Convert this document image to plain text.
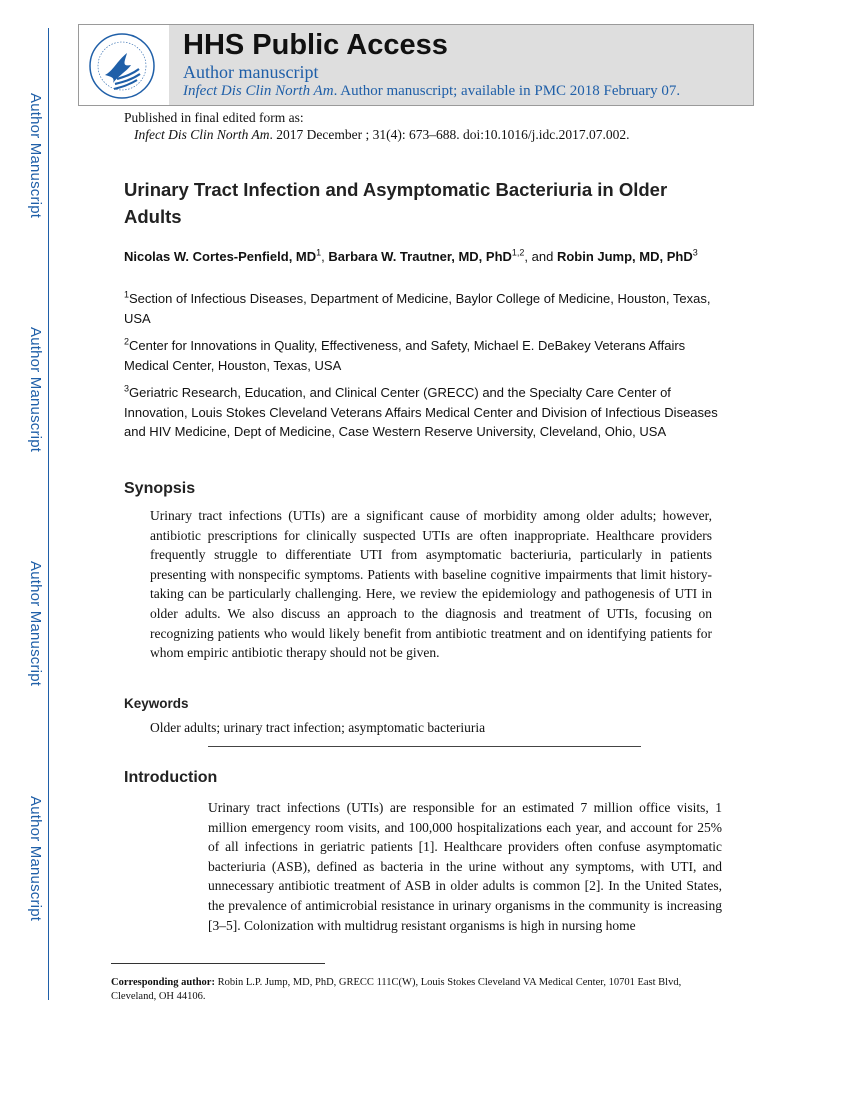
Author Manuscript
Author Manuscript
Author Manuscript
Author Manuscript
HHS Public Access
Author manuscript
Infect Dis Clin North Am. Author manuscript; available in PMC 2018 February 07.
Published in final edited form as:
Infect Dis Clin North Am. 2017 December ; 31(4): 673–688. doi:10.1016/j.idc.2017.07.002.
Urinary Tract Infection and Asymptomatic Bacteriuria in Older Adults
Nicolas W. Cortes-Penfield, $MD^1$, Barbara W. Trautner, MD, PhD$^{1,2}$, and Robin Jump, MD, PhD$^3$
$^1$Section of Infectious Diseases, Department of Medicine, Baylor College of Medicine, Houston, Texas, USA
$^2$Center for Innovations in Quality, Effectiveness, and Safety, Michael E. DeBakey Veterans Affairs Medical Center, Houston, Texas, USA
$^3$Geriatric Research, Education, and Clinical Center (GRECC) and the Specialty Care Center of Innovation, Louis Stokes Cleveland Veterans Affairs Medical Center and Division of Infectious Diseases and HIV Medicine, Dept of Medicine, Case Western Reserve University, Cleveland, Ohio, USA
Synopsis
Urinary tract infections (UTIs) are a significant cause of morbidity among older adults; however, antibiotic prescriptions for clinically suspected UTIs are often inappropriate. Healthcare providers frequently struggle to differentiate UTI from asymptomatic bacteriuria, particularly in patients presenting with nonspecific symptoms. Patients with baseline cognitive impairments that limit history-taking can be particularly challenging. Here, we review the epidemiology and pathogenesis of UTI in older adults. We also discuss an approach to the diagnosis and treatment of UTIs, focusing on recognizing patients who would likely benefit from antibiotic treatment and on identifying patients for whom empiric antibiotic therapy should not be given.
Keywords
Older adults; urinary tract infection; asymptomatic bacteriuria
Introduction
Urinary tract infections (UTIs) are responsible for an estimated 7 million office visits, 1 million emergency room visits, and 100,000 hospitalizations each year, and account for 25% of all infections in geriatric patients [1]. Healthcare providers often confuse asymptomatic bacteriuria (ASB), defined as bacteria in the urine without any symptoms, with UTI, and unnecessary antibiotic treatment of ASB in older adults is common [2]. In the United States, the prevalence of antimicrobial resistance in urinary organisms in the community is increasing [3–5]. Colonization with multidrug resistant organisms is high in nursing home
Corresponding author: Robin L.P. Jump, MD, PhD, GRECC 111C(W), Louis Stokes Cleveland VA Medical Center, 10701 East Blvd, Cleveland, OH 44106.
